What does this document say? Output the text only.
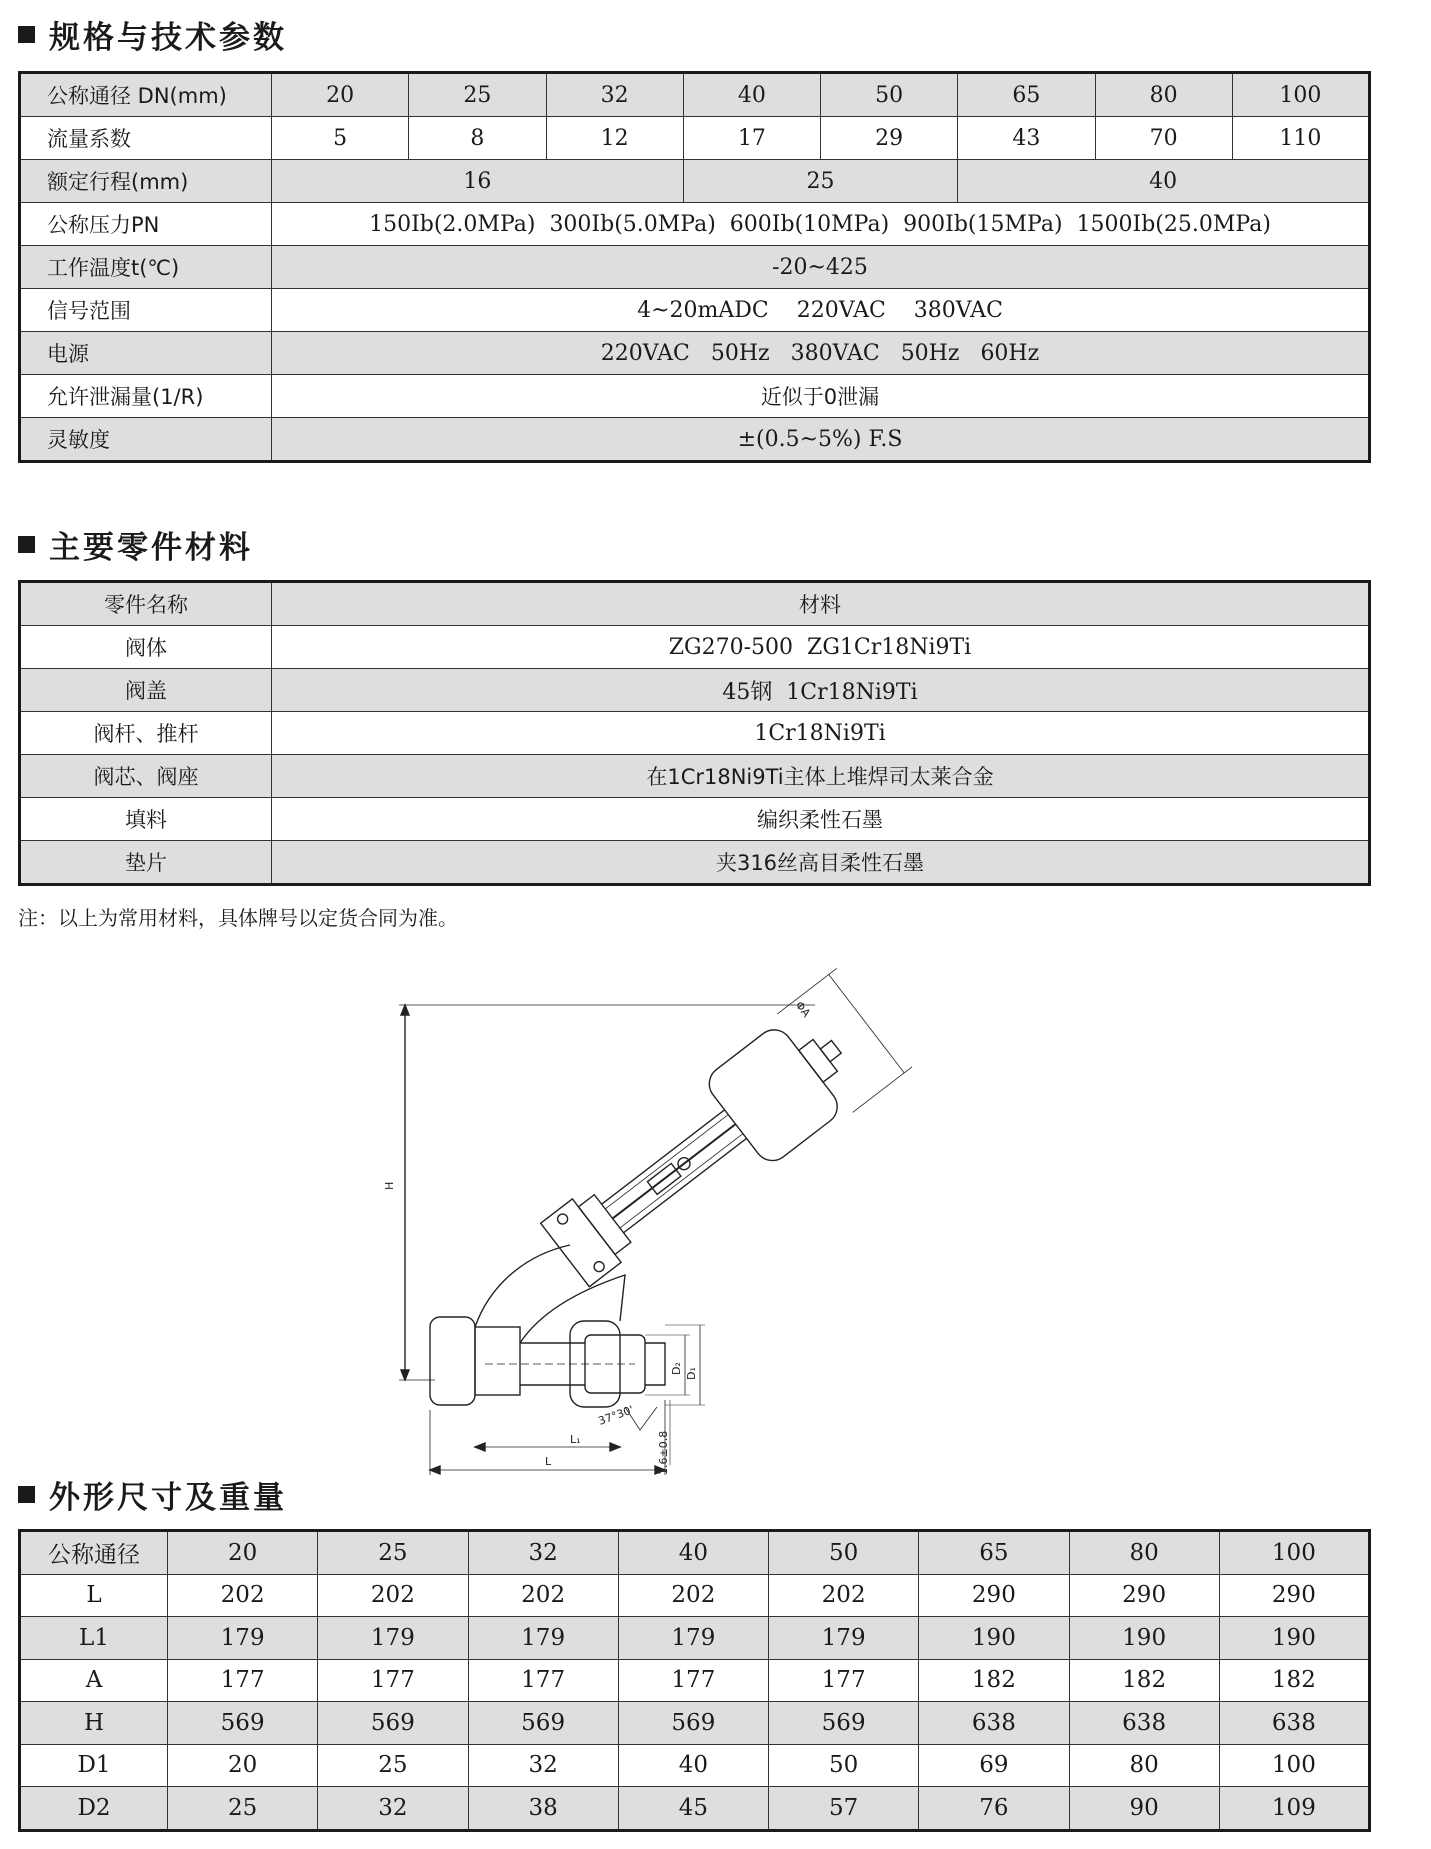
规格与技术参数
公称通径 DN(mm)	20	25	32	40	50	65	80	100
流量系数	5	8	12	17	29	43	70	110
额定行程(mm)	16			25		40		
公称压力PN	150Ib(2.0MPa)  300Ib(5.0MPa)  600Ib(10MPa)  900Ib(15MPa)  1500Ib(25.0MPa)							
工作温度t(℃)	-20~425							
信号范围	4~20mADC    220VAC    380VAC							
电源	220VAC   50Hz   380VAC   50Hz   60Hz							
允许泄漏量(1/R)	近似于0泄漏							
灵敏度	±(0.5~5%) F.S							
主要零件材料
零件名称	材料
阀体	ZG270-500  ZG1Cr18Ni9Ti
阀盖	45钢  1Cr18Ni9Ti
阀杆、推杆	1Cr18Ni9Ti
阀芯、阀座	在1Cr18Ni9Ti主体上堆焊司太莱合金
填料	编织柔性石墨
垫片	夹316丝高目柔性石墨
注：以上为常用材料，具体牌号以定货合同为准。
H
ΦA
L
L₁
D₁
D₂
37°30'
1.6±0.8
外形尺寸及重量
公称通径	20	25	32	40	50	65	80	100
L	202	202	202	202	202	290	290	290
L1	179	179	179	179	179	190	190	190
A	177	177	177	177	177	182	182	182
H	569	569	569	569	569	638	638	638
D1	20	25	32	40	50	69	80	100
D2	25	32	38	45	57	76	90	109
